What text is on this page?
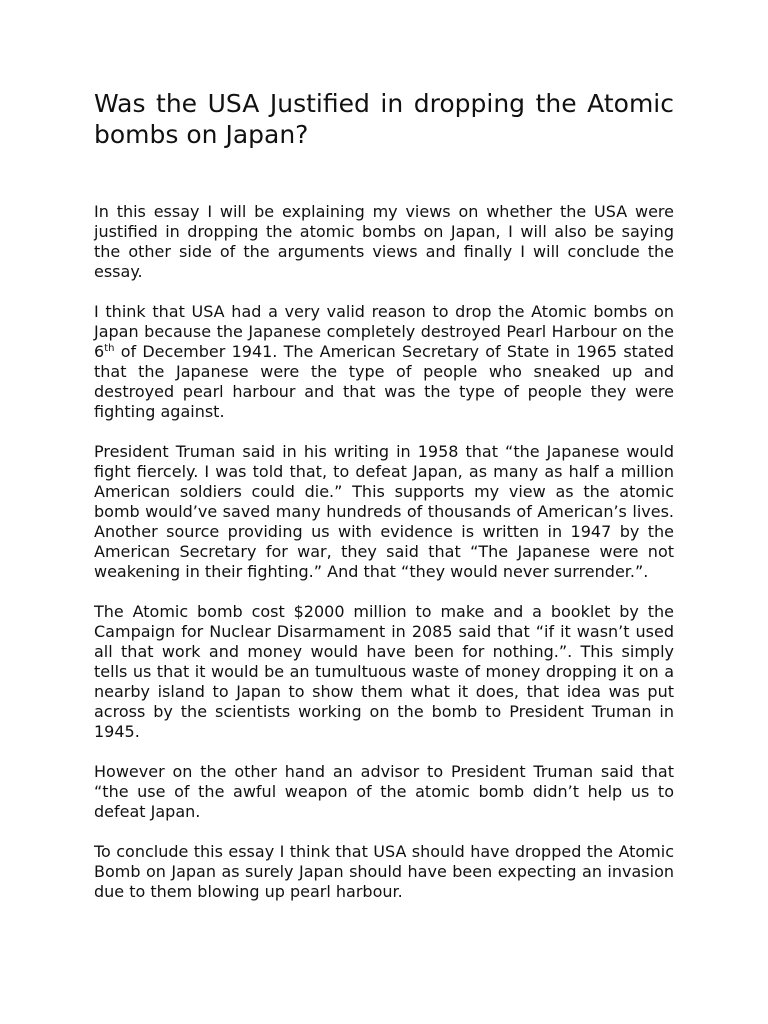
Was the USA Justified in dropping the Atomic bombs on Japan?

In this essay I will be explaining my views on whether the USA were justified in dropping the atomic bombs on Japan, I will also be saying the other side of the arguments views and finally I will conclude the essay.

I think that USA had a very valid reason to drop the Atomic bombs on Japan because the Japanese completely destroyed Pearl Harbour on the 6th of December 1941. The American Secretary of State in 1965 stated that the Japanese were the type of people who sneaked up and destroyed pearl harbour and that was the type of people they were fighting against.

President Truman said in his writing in 1958 that “the Japanese would fight fiercely. I was told that, to defeat Japan, as many as half a million American soldiers could die.” This supports my view as the atomic bomb would’ve saved many hundreds of thousands of American’s lives. Another source providing us with evidence is written in 1947 by the American Secretary for war, they said that “The Japanese were not weakening in their fighting.” And that “they would never surrender.”.

The Atomic bomb cost $2000 million to make and a booklet by the Campaign for Nuclear Disarmament in 2085 said that “if it wasn’t used all that work and money would have been for nothing.”. This simply tells us that it would be an tumultuous waste of money dropping it on a nearby island to Japan to show them what it does, that idea was put across by the scientists working on the bomb to President Truman in 1945.

However on the other hand an advisor to President Truman said that “the use of the awful weapon of the atomic bomb didn’t help us to defeat Japan.

To conclude this essay I think that USA should have dropped the Atomic Bomb on Japan as surely Japan should have been expecting an invasion due to them blowing up pearl harbour.
